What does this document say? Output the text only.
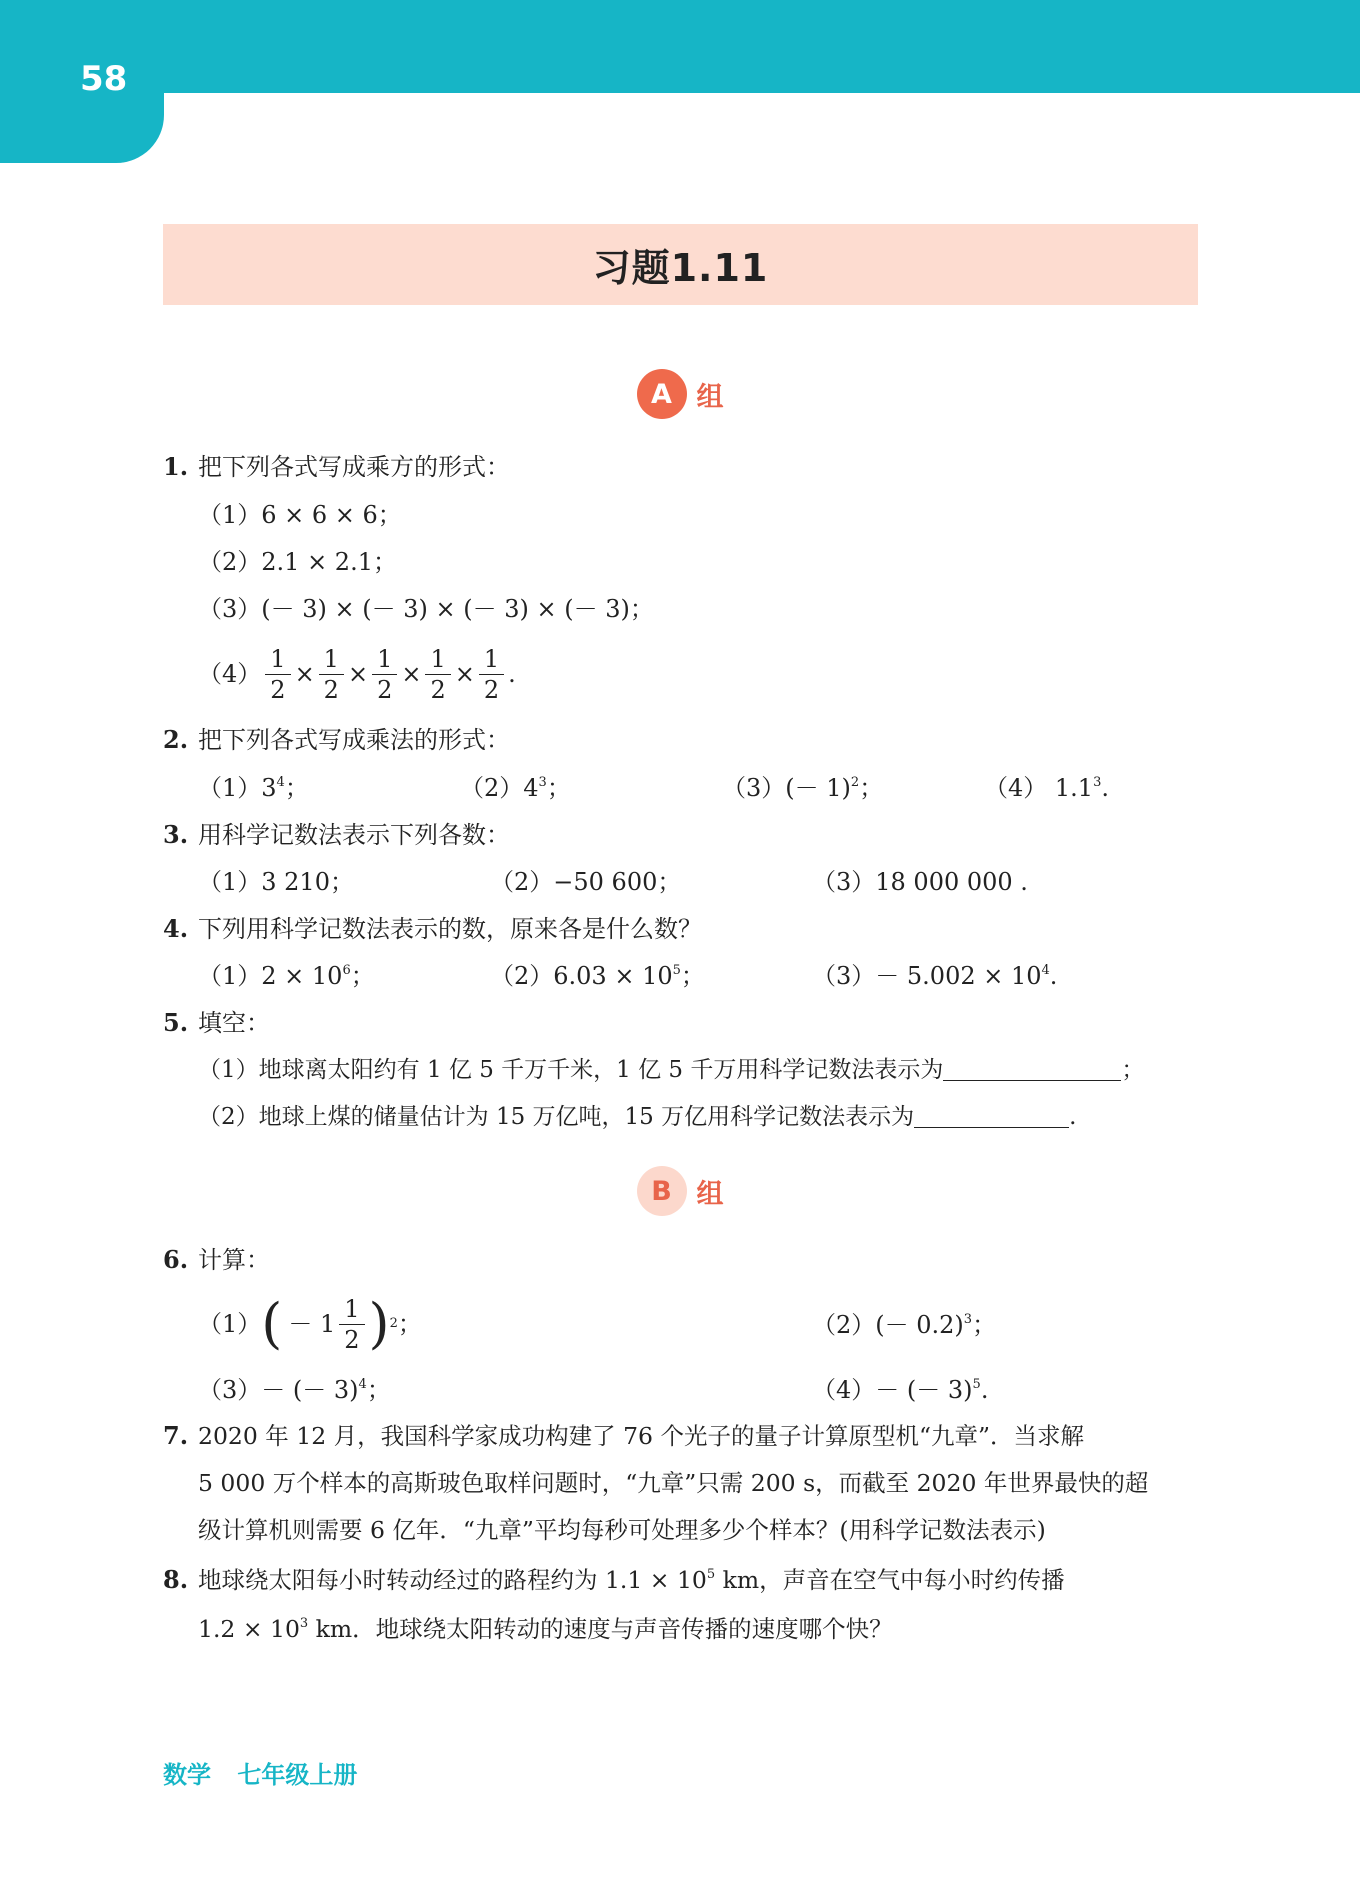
58
习题1.11
A 组
1. 把下列各式写成乘方的形式：
（1）6 × 6 × 6；
（2）2.1 × 2.1；
（3）(－ 3) × (－ 3) × (－ 3) × (－ 3)；
$(4) \frac{1}{2} \times \frac{1}{2} \times \frac{1}{2} \times \frac{1}{2} \times \frac{1}{2}$ .
2. 把下列各式写成乘法的形式：
$(1)3^4$；	$(2)4^3$；	$(3)(- 1)^2$；	（4） $1.1^3$.
3. 用科学记数法表示下列各数：
（1）3 210；	（2）−50 600；	（3）18 000 000 .
4. 下列用科学记数法表示的数，原来各是什么数？
$(1)2 \times 10^6$；	$(2)6.03 \times 10^5$；	$(3)- 5.002 \times 10^4$.
5. 填空：
（1）地球离太阳约有 1 亿 5 千万千米，1 亿 5 千万用科学记数法表示为	；
（2）地球上煤的储量估计为 15 万亿吨，15 万亿用科学记数法表示为	.
B 组
6. 计算：
（1） ( － $1 \frac{1}{2}$ ) 2 ；	$(2)(- 0.2)^3$；
（3）－ (－ 3)$^4$；	（4）－ (－ 3)$^5$.
7. 2020 年 12 月，我国科学家成功构建了 76 个光子的量子计算原型机“九章”．当求解
5 000 万个样本的高斯玻色取样问题时，“九章”只需 200 s，而截至 2020 年世界最快的超
级计算机则需要 6 亿年．“九章”平均每秒可处理多少个样本？(用科学记数法表示)
8. 地球绕太阳每小时转动经过的路程约为 $1.1 \times 10^5$ km，声音在空气中每小时约传播
$1.2 \times 10^3$ km．地球绕太阳转动的速度与声音传播的速度哪个快？
数学 七年级上册
